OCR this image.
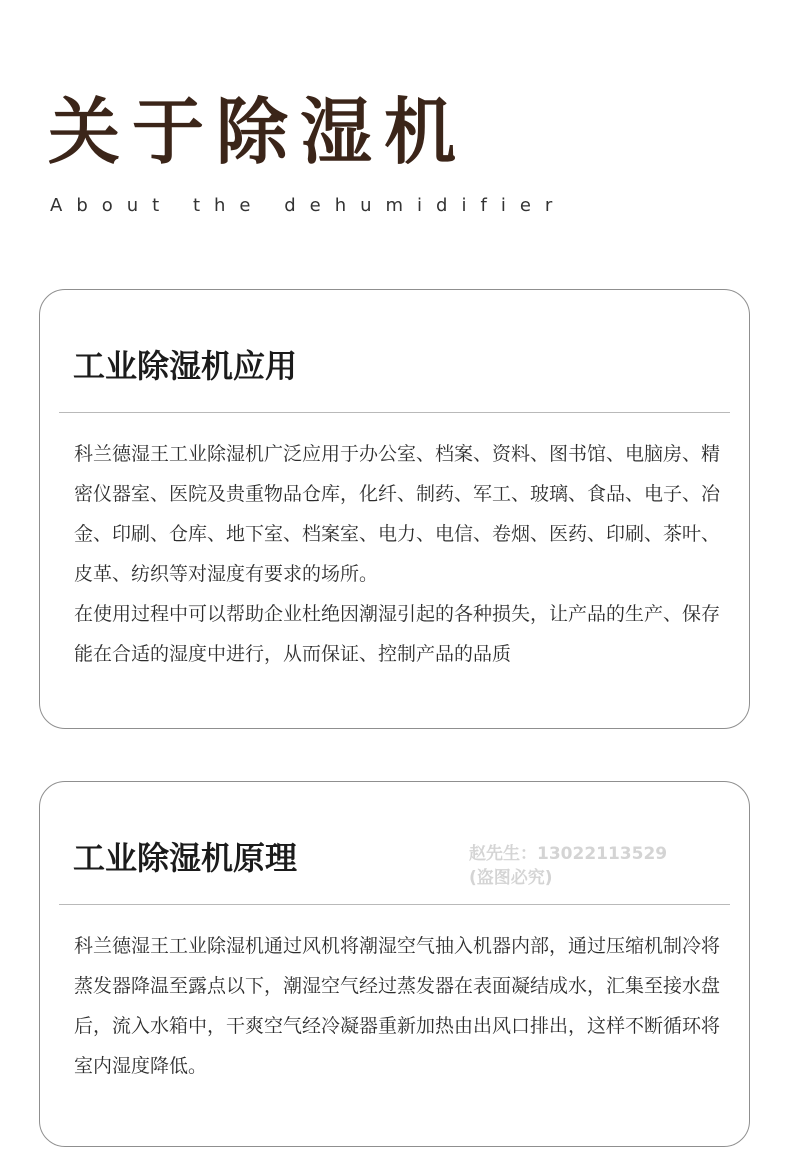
关于除湿机
About the dehumidifier
工业除湿机应用

科兰德湿王工业除湿机广泛应用于办公室、档案、资料、图书馆、电脑房、精密仪器室、医院及贵重物品仓库，化纤、制药、军工、玻璃、食品、电子、冶金、印刷、仓库、地下室、档案室、电力、电信、卷烟、医药、印刷、茶叶、皮革、纺织等对湿度有要求的场所。

在使用过程中可以帮助企业杜绝因潮湿引起的各种损失，让产品的生产、保存能在合适的湿度中进行，从而保证、控制产品的品质

工业除湿机原理	赵先生：13022113529
(盗图必究)

科兰德湿王工业除湿机通过风机将潮湿空气抽入机器内部，通过压缩机制冷将蒸发器降温至露点以下，潮湿空气经过蒸发器在表面凝结成水，汇集至接水盘后，流入水箱中，干爽空气经冷凝器重新加热由出风口排出，这样不断循环将室内湿度降低。
